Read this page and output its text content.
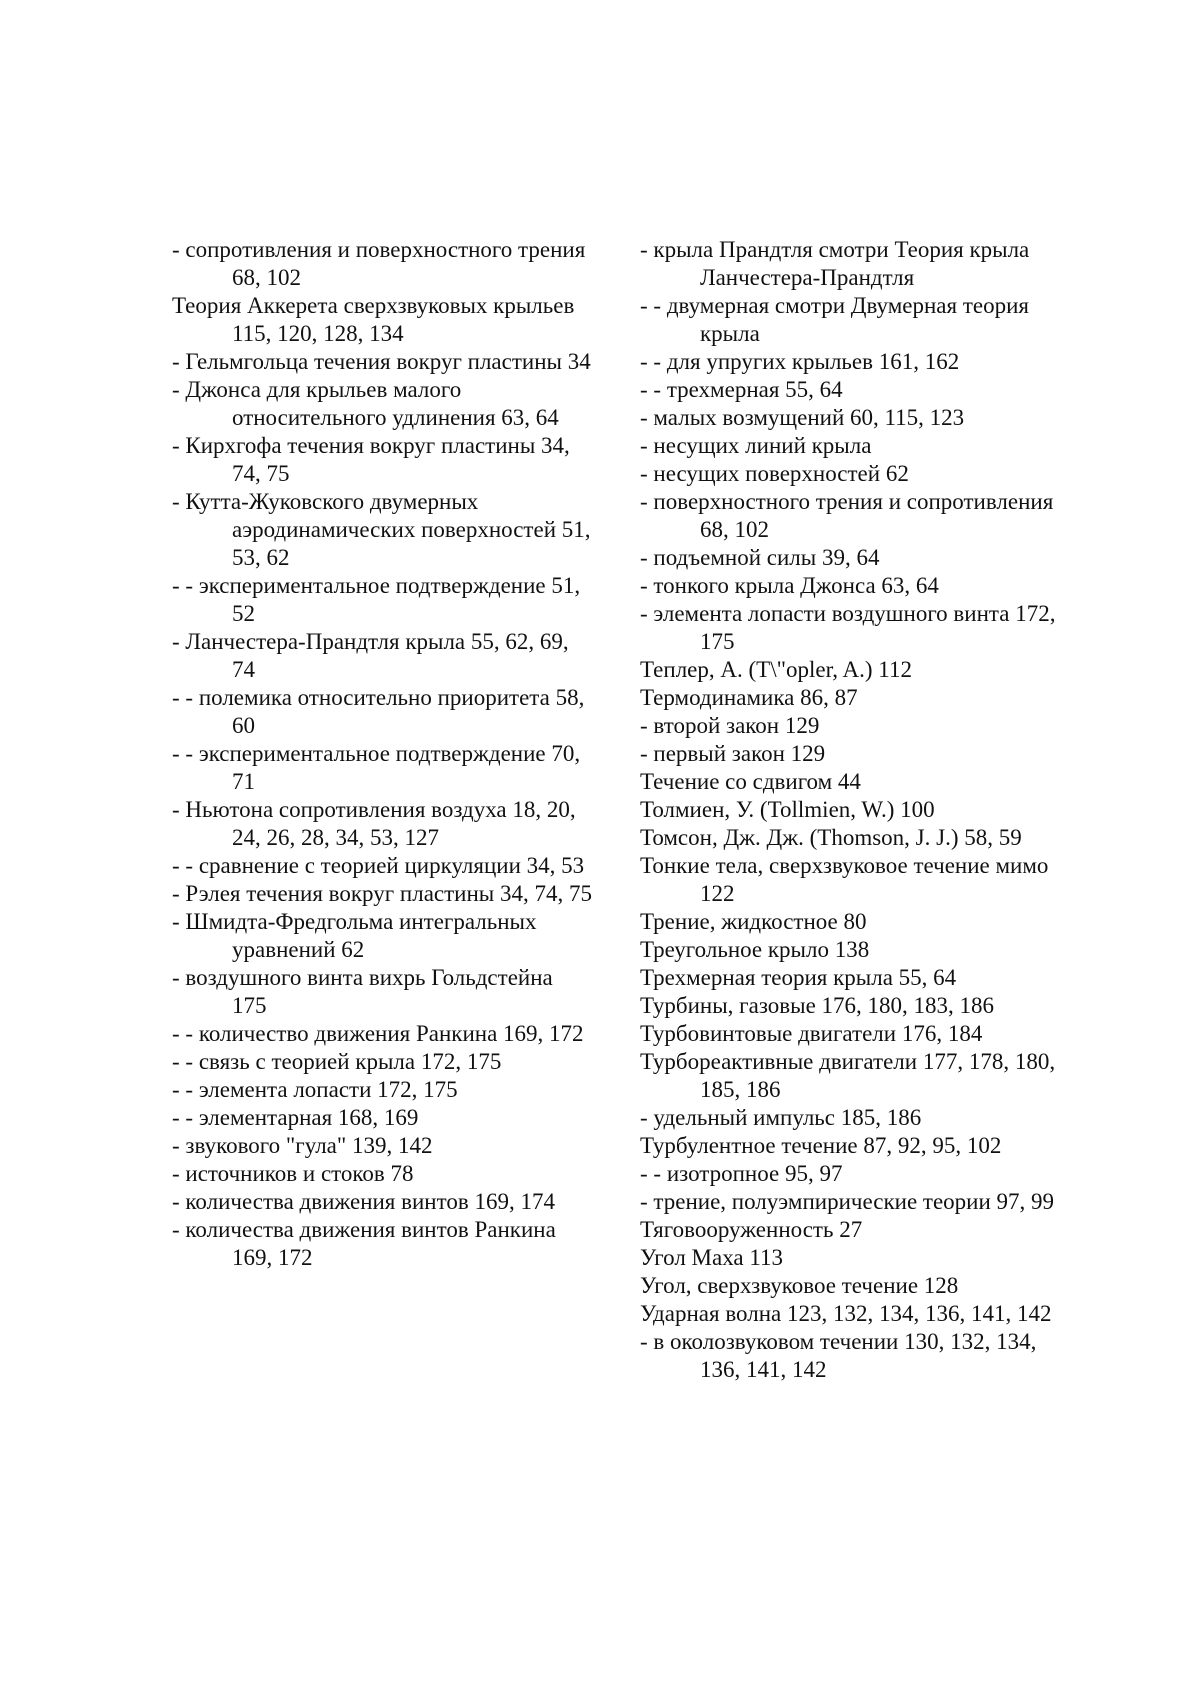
- сопротивления и поверхностного трения 68, 102
Теория Аккерета сверхзвуковых крыльев 115, 120, 128, 134
- Гельмгольца течения вокруг пластины 34
- Джонса для крыльев малого относительного удлинения 63, 64
- Кирхгофа течения вокруг пластины 34, 74, 75
- Кутта-Жуковского двумерных аэродинамических поверхностей 51, 53, 62
- - экспериментальное подтверждение 51, 52
- Ланчестера-Прандтля крыла 55, 62, 69, 74
- - полемика относительно приоритета 58, 60
- - экспериментальное подтверждение 70, 71
- Ньютона сопротивления воздуха 18, 20, 24, 26, 28, 34, 53, 127
- - сравнение с теорией циркуляции 34, 53
- Рэлея течения вокруг пластины 34, 74, 75
- Шмидта-Фредгольма интегральных уравнений 62
- воздушного винта вихрь Гольдстейна 175
- - количество движения Ранкина 169, 172
- - связь с теорией крыла 172, 175
- - элемента лопасти 172, 175
- - элементарная 168, 169
- звукового "гула" 139, 142
- источников и стоков 78
- количества движения винтов 169, 174
- количества движения винтов Ранкина 169, 172
- крыла Прандтля смотри Теория крыла Ланчестера-Прандтля
- - двумерная смотри Двумерная теория крыла
- - для упругих крыльев 161, 162
- - трехмерная 55, 64
- малых возмущений 60, 115, 123
- несущих линий крыла
- несущих поверхностей 62
- поверхностного трения и сопротивления 68, 102
- подъемной силы 39, 64
- тонкого крыла Джонса 63, 64
- элемента лопасти воздушного винта 172, 175
Теплер, А. (T\"opler, A.) 112
Термодинамика 86, 87
- второй закон 129
- первый закон 129
Течение со сдвигом 44
Толмиен, У. (Tollmien, W.) 100
Томсон, Дж. Дж. (Thomson, J. J.) 58, 59
Тонкие тела, сверхзвуковое течение мимо 122
Трение, жидкостное 80
Треугольное крыло 138
Трехмерная теория крыла 55, 64
Турбины, газовые 176, 180, 183, 186
Турбовинтовые двигатели 176, 184
Турбореактивные двигатели 177, 178, 180, 185, 186
- удельный импульс 185, 186
Турбулентное течение 87, 92, 95, 102
- - изотропное 95, 97
- трение, полуэмпирические теории 97, 99
Тяговооруженность 27
Угол Маха 113
Угол, сверхзвуковое течение 128
Ударная волна 123, 132, 134, 136, 141, 142
- в околозвуковом течении 130, 132, 134, 136, 141, 142
